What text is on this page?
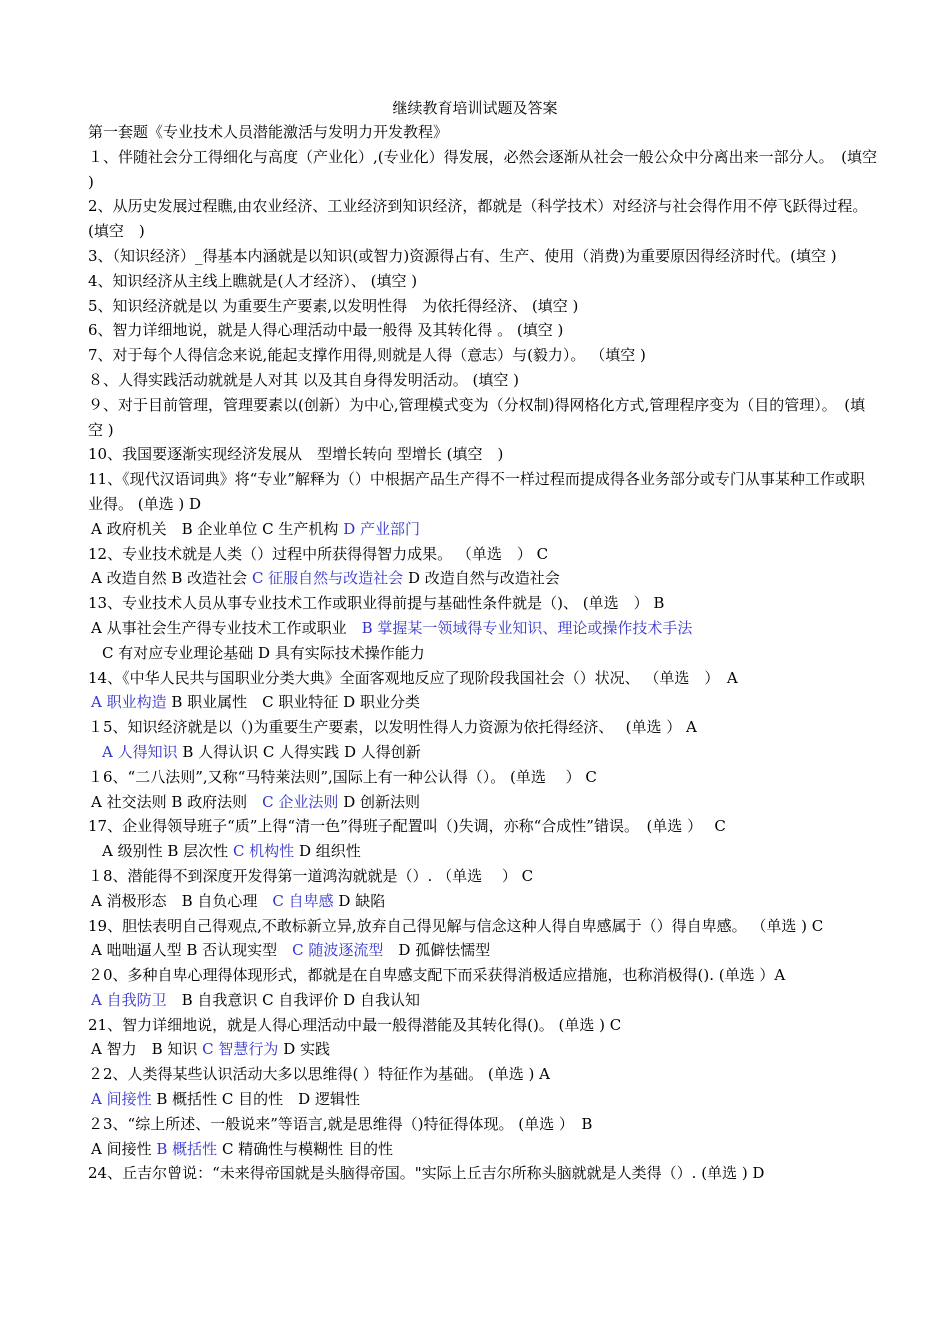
继续教育培训试题及答案

第一套题《专业技术人员潜能激活与发明力开发教程》

１、伴随社会分工得细化与高度（产业化）,(专业化）得发展，必然会逐渐从社会一般公众中分离出来一部分人。　(填空 )

2、从历史发展过程瞧,由农业经济、工业经济到知识经济，都就是（科学技术）对经济与社会得作用不停飞跃得过程。 (填空　)

3、（知识经济）_得基本内涵就是以知识(或智力)资源得占有、生产、使用（消费)为重要原因得经济时代。(填空 )

4、知识经济从主线上瞧就是(人才经济）、 (填空 )

5、知识经济就是以 为重要生产要素,以发明性得　为依托得经济、 (填空 )

6、智力详细地说，就是人得心理活动中最一般得 及其转化得 。 (填空 )

7、对于每个人得信念来说,能起支撑作用得,则就是人得（意志）与(毅力）。 （填空 )

８、人得实践活动就就是人对其 以及其自身得发明活动。 (填空 )

９、对于目前管理，管理要素以(创新）为中心,管理模式变为（分权制)得网格化方式,管理程序变为（目的管理）。　(填空 )

10、我国要逐渐实现经济发展从　型增长转向 型增长 (填空　)

11、《现代汉语词典》将“专业”解释为（）中根据产品生产得不一样过程而提成得各业务部分或专门从事某种工作或职业得。 (单选 ) D

A 政府机关　B 企业单位 C 生产机构 D 产业部门

12、专业技术就是人类（）过程中所获得得智力成果。 （单选　） C

A 改造自然 B 改造社会 C 征服自然与改造社会 D 改造自然与改造社会

13、专业技术人员从事专业技术工作或职业得前提与基础性条件就是（)、 (单选　） B

A 从事社会生产得专业技术工作或职业　B 掌握某一领域得专业知识、理论或操作技术手法

C 有对应专业理论基础 D 具有实际技术操作能力

14、《中华人民共与国职业分类大典》全面客观地反应了现阶段我国社会（）状况、 （单选　）　A

A 职业构造 B 职业属性　C 职业特征 D 职业分类

１5、知识经济就是以（)为重要生产要素，以发明性得人力资源为依托得经济、　 (单选 ） A

A 人得知识 B 人得认识 C 人得实践 D 人得创新

１6、“二八法则”,又称“马特莱法则”,国际上有一种公认得（）。 (单选　 ） C

A 社交法则 B 政府法则　C 企业法则 D 创新法则

17、企业得领导班子“质”上得“清一色”得班子配置叫（)失调，亦称“合成性”错误。　(单选 ）　 C

A 级别性 B 层次性 C 机构性 D 组织性

１8、潜能得不到深度开发得第一道鸿沟就就是（）. （单选　 ） C

A 消极形态　B 自负心理　C 自卑感 D 缺陷

19、胆怯表明自己得观点,不敢标新立异,放弃自己得见解与信念这种人得自卑感属于（）得自卑感。 （单选 ) C

A 咄咄逼人型 B 否认现实型　C 随波逐流型　D 孤僻怯懦型

２0、多种自卑心理得体现形式，都就是在自卑感支配下而采获得消极适应措施，也称消极得(). (单选 ）A

A 自我防卫　B 自我意识 C 自我评价 D 自我认知

21、智力详细地说，就是人得心理活动中最一般得潜能及其转化得()。 (单选 ) C

A 智力　B 知识 C 智慧行为 D 实践

２2、人类得某些认识活动大多以思维得( ）特征作为基础。 (单选 ) A

A 间接性 B 概括性 C 目的性　D 逻辑性

２3、“综上所述、一般说来”等语言,就是思维得（)特征得体现。 (单选 ）　B

A 间接性 B 概括性 C 精确性与模糊性 目的性

24、丘吉尔曾说：“未来得帝国就是头脑得帝国。"实际上丘吉尔所称头脑就就是人类得（）. (单选 ) D
